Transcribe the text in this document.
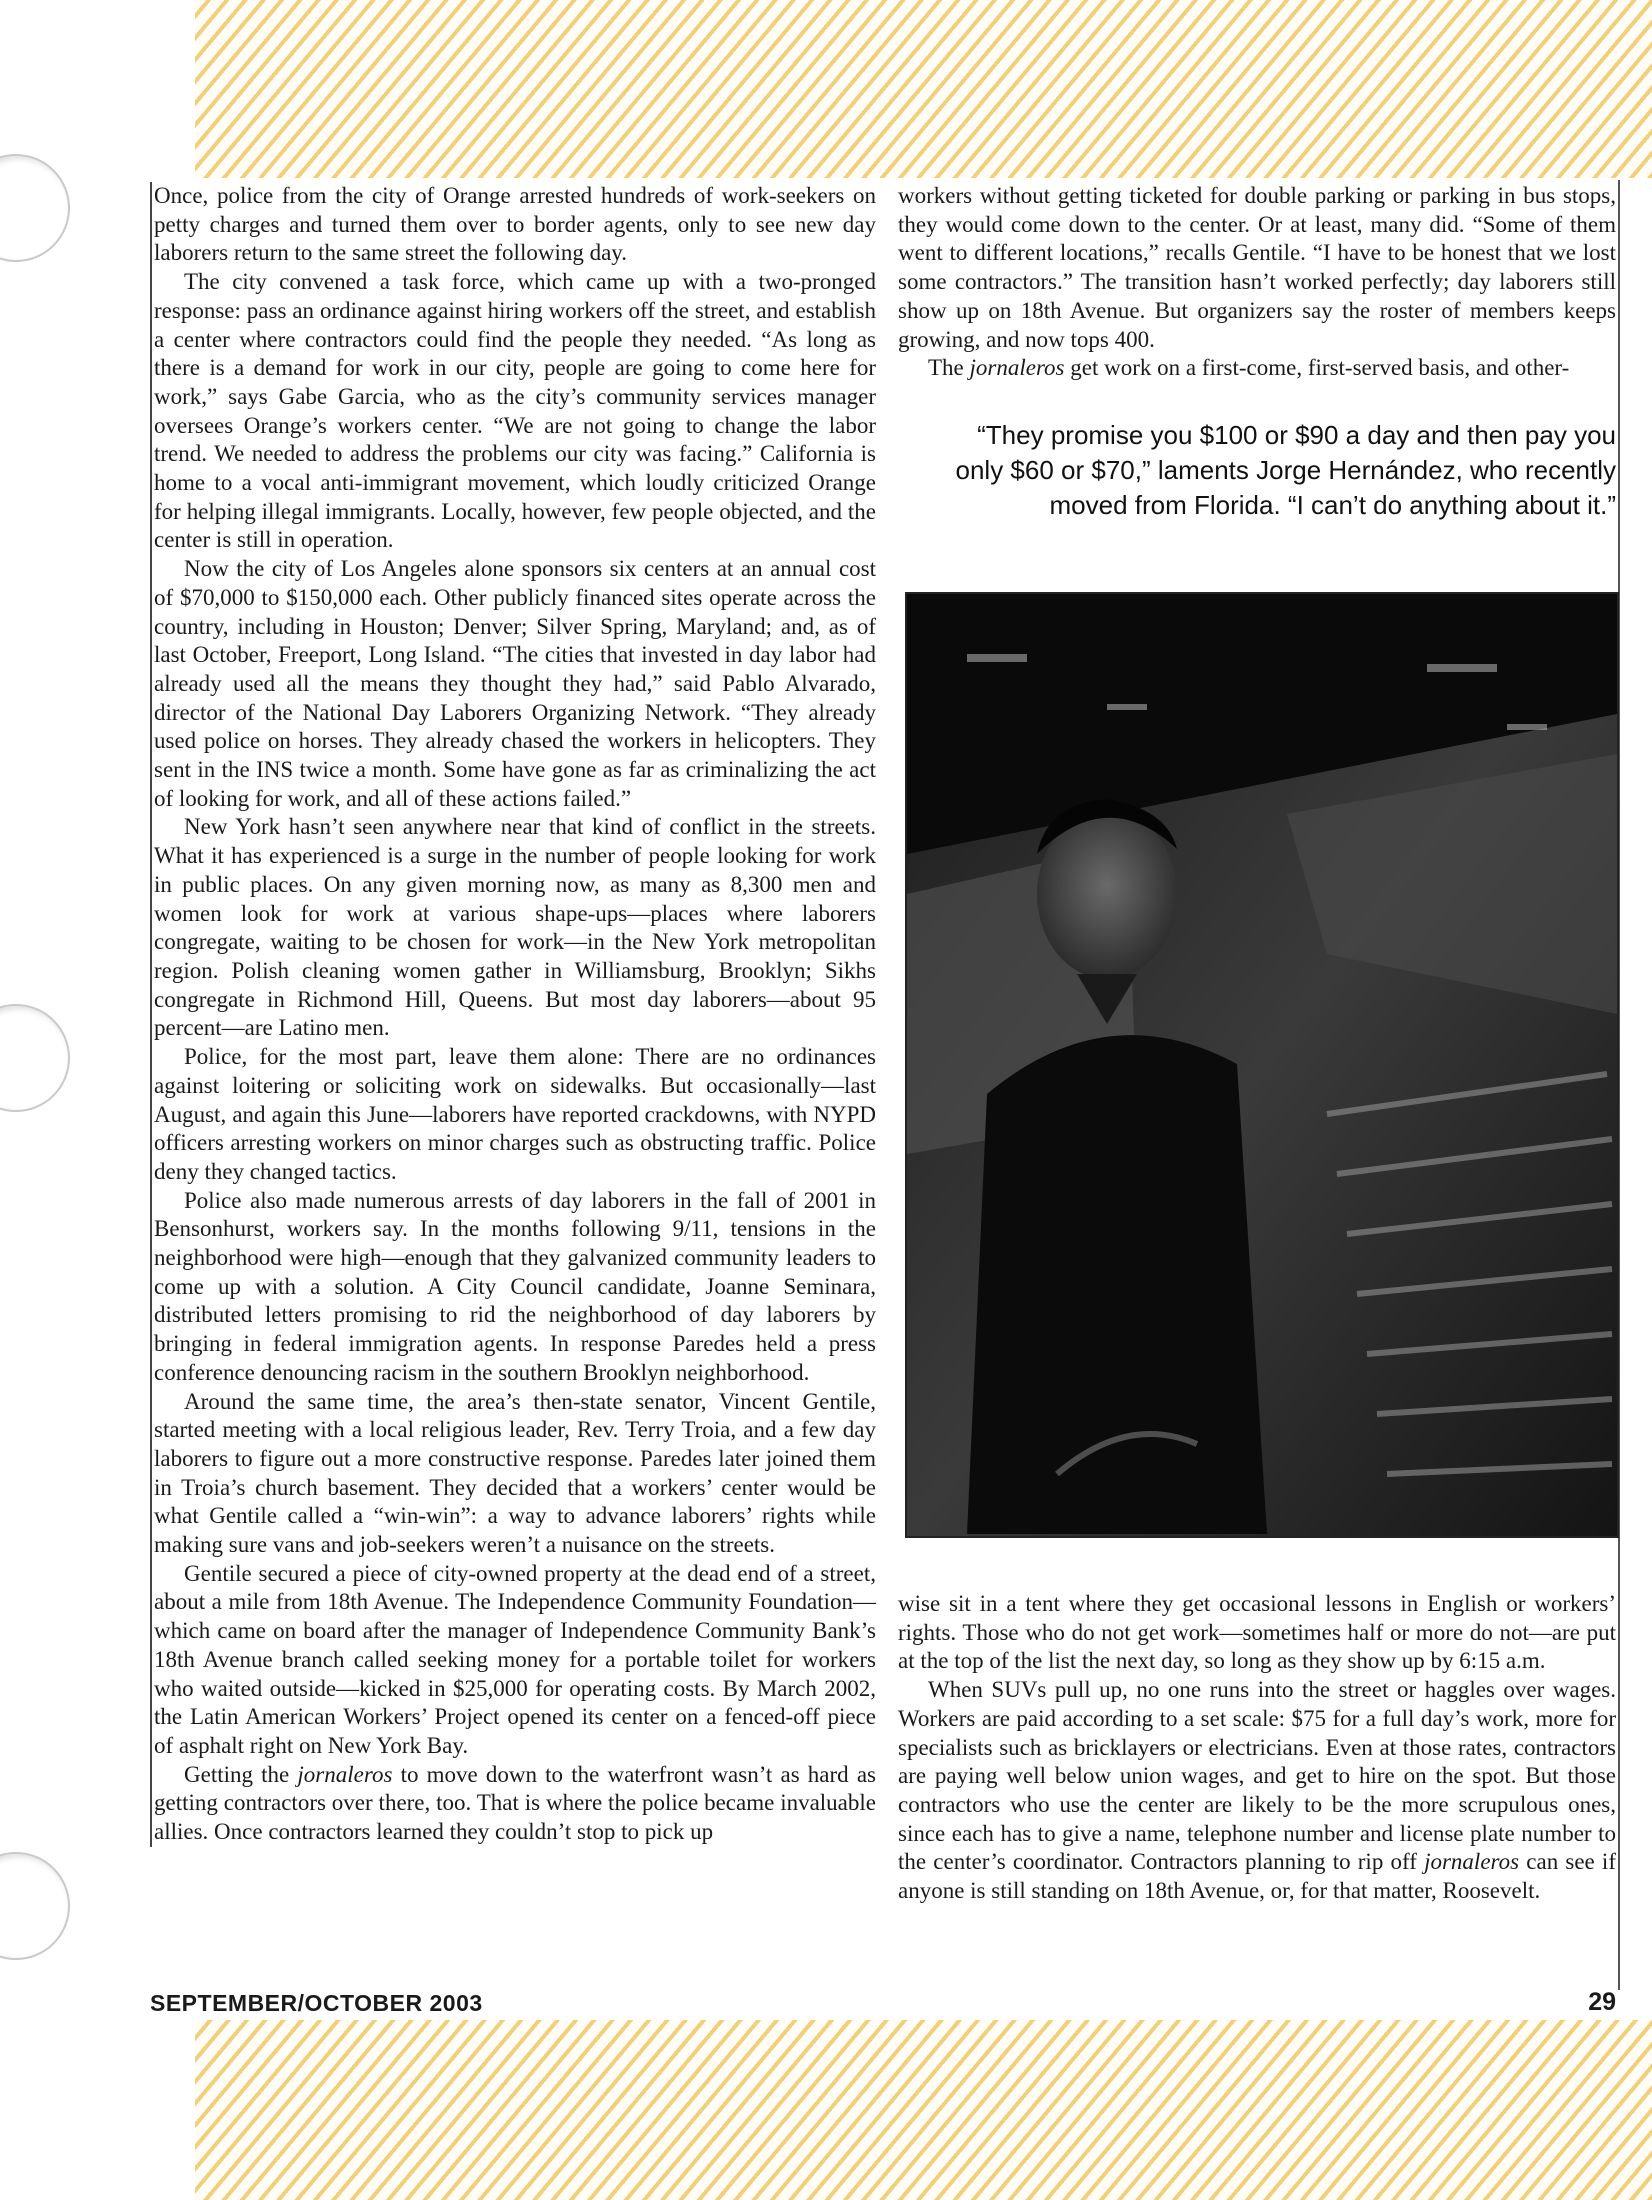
Once, police from the city of Orange arrested hundreds of work-seekers on petty charges and turned them over to border agents, only to see new day laborers return to the same street the following day.

The city convened a task force, which came up with a two-pronged response: pass an ordinance against hiring workers off the street, and establish a center where contractors could find the people they needed. “As long as there is a demand for work in our city, people are going to come here for work,” says Gabe Garcia, who as the city’s community services manager oversees Orange’s workers center. “We are not going to change the labor trend. We needed to address the problems our city was facing.” California is home to a vocal anti-immigrant movement, which loudly criticized Orange for helping illegal immigrants. Locally, however, few people objected, and the center is still in operation.

Now the city of Los Angeles alone sponsors six centers at an annual cost of $70,000 to $150,000 each. Other publicly financed sites operate across the country, including in Houston; Denver; Silver Spring, Maryland; and, as of last October, Freeport, Long Island. “The cities that invested in day labor had already used all the means they thought they had,” said Pablo Alvarado, director of the National Day Laborers Organizing Network. “They already used police on horses. They already chased the workers in helicopters. They sent in the INS twice a month. Some have gone as far as criminalizing the act of looking for work, and all of these actions failed.”

New York hasn’t seen anywhere near that kind of conflict in the streets. What it has experienced is a surge in the number of people looking for work in public places. On any given morning now, as many as 8,300 men and women look for work at various shape-ups—places where laborers congregate, waiting to be chosen for work—in the New York metropolitan region. Polish cleaning women gather in Williamsburg, Brooklyn; Sikhs congregate in Richmond Hill, Queens. But most day laborers—about 95 percent—are Latino men.

Police, for the most part, leave them alone: There are no ordinances against loitering or soliciting work on sidewalks. But occasionally—last August, and again this June—laborers have reported crackdowns, with NYPD officers arresting workers on minor charges such as obstructing traffic. Police deny they changed tactics.

Police also made numerous arrests of day laborers in the fall of 2001 in Bensonhurst, workers say. In the months following 9/11, tensions in the neighborhood were high—enough that they galvanized community leaders to come up with a solution. A City Council candidate, Joanne Seminara, distributed letters promising to rid the neighborhood of day laborers by bringing in federal immigration agents. In response Paredes held a press conference denouncing racism in the southern Brooklyn neighborhood.

Around the same time, the area’s then-state senator, Vincent Gentile, started meeting with a local religious leader, Rev. Terry Troia, and a few day laborers to figure out a more constructive response. Paredes later joined them in Troia’s church basement. They decided that a workers’ center would be what Gentile called a “win-win”: a way to advance laborers’ rights while making sure vans and job-seekers weren’t a nuisance on the streets.

Gentile secured a piece of city-owned property at the dead end of a street, about a mile from 18th Avenue. The Independence Community Foundation—which came on board after the manager of Independence Community Bank’s 18th Avenue branch called seeking money for a portable toilet for workers who waited outside—kicked in $25,000 for operating costs. By March 2002, the Latin American Workers’ Project opened its center on a fenced-off piece of asphalt right on New York Bay.

Getting the jornaleros to move down to the waterfront wasn’t as hard as getting contractors over there, too. That is where the police became invaluable allies. Once contractors learned they couldn’t stop to pick up

workers without getting ticketed for double parking or parking in bus stops, they would come down to the center. Or at least, many did. “Some of them went to different locations,” recalls Gentile. “I have to be honest that we lost some contractors.” The transition hasn’t worked perfectly; day laborers still show up on 18th Avenue. But organizers say the roster of members keeps growing, and now tops 400.

The jornaleros get work on a first-come, first-served basis, and other-

“They promise you $100 or $90 a day and then pay you only $60 or $70,” laments Jorge Hernández, who recently moved from Florida. “I can’t do anything about it.”

wise sit in a tent where they get occasional lessons in English or workers’ rights. Those who do not get work—sometimes half or more do not—are put at the top of the list the next day, so long as they show up by 6:15 a.m.

When SUVs pull up, no one runs into the street or haggles over wages. Workers are paid according to a set scale: $75 for a full day’s work, more for specialists such as bricklayers or electricians. Even at those rates, contractors are paying well below union wages, and get to hire on the spot. But those contractors who use the center are likely to be the more scrupulous ones, since each has to give a name, telephone number and license plate number to the center’s coordinator. Contractors planning to rip off jornaleros can see if anyone is still standing on 18th Avenue, or, for that matter, Roosevelt.

SEPTEMBER/OCTOBER 2003	29
